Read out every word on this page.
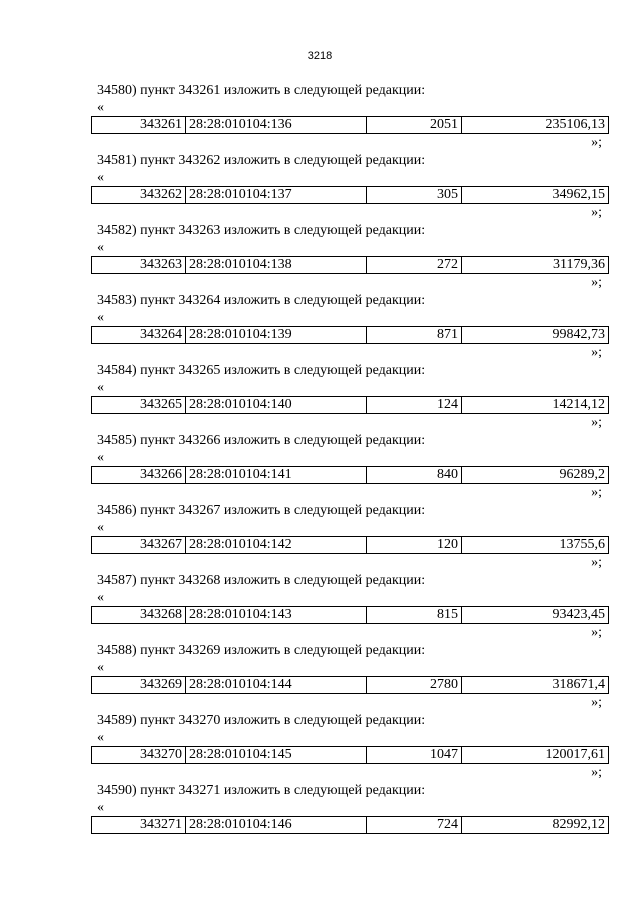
3218
34580) пункт 343261 изложить в следующей редакции:
«
343261	28:28:010104:136	2051	235106,13
»;
34581) пункт 343262 изложить в следующей редакции:
«
343262	28:28:010104:137	305	34962,15
»;
34582) пункт 343263 изложить в следующей редакции:
«
343263	28:28:010104:138	272	31179,36
»;
34583) пункт 343264 изложить в следующей редакции:
«
343264	28:28:010104:139	871	99842,73
»;
34584) пункт 343265 изложить в следующей редакции:
«
343265	28:28:010104:140	124	14214,12
»;
34585) пункт 343266 изложить в следующей редакции:
«
343266	28:28:010104:141	840	96289,2
»;
34586) пункт 343267 изложить в следующей редакции:
«
343267	28:28:010104:142	120	13755,6
»;
34587) пункт 343268 изложить в следующей редакции:
«
343268	28:28:010104:143	815	93423,45
»;
34588) пункт 343269 изложить в следующей редакции:
«
343269	28:28:010104:144	2780	318671,4
»;
34589) пункт 343270 изложить в следующей редакции:
«
343270	28:28:010104:145	1047	120017,61
»;
34590) пункт 343271 изложить в следующей редакции:
«
343271	28:28:010104:146	724	82992,12
